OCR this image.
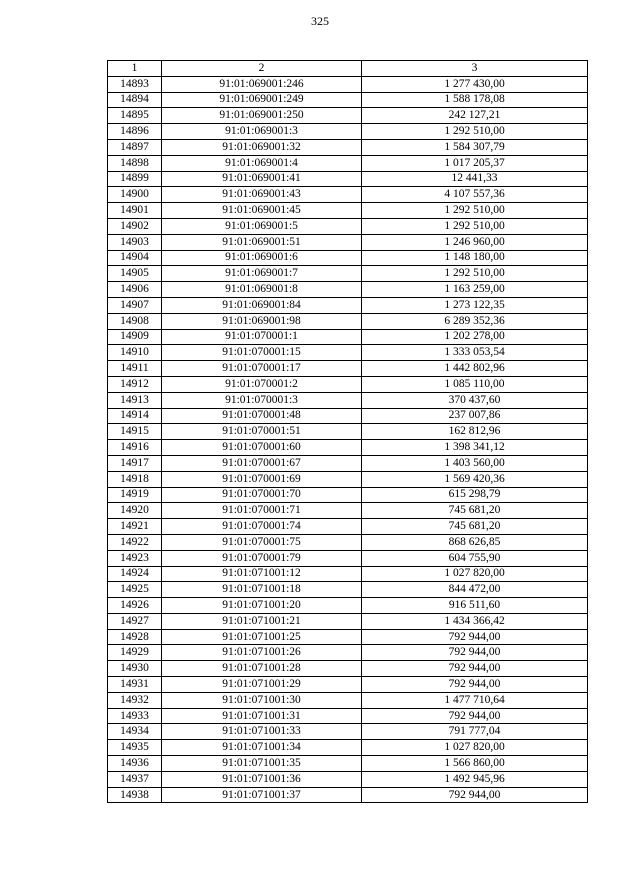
325
1	2	3
14893	91:01:069001:246	1 277 430,00
14894	91:01:069001:249	1 588 178,08
14895	91:01:069001:250	242 127,21
14896	91:01:069001:3	1 292 510,00
14897	91:01:069001:32	1 584 307,79
14898	91:01:069001:4	1 017 205,37
14899	91:01:069001:41	12 441,33
14900	91:01:069001:43	4 107 557,36
14901	91:01:069001:45	1 292 510,00
14902	91:01:069001:5	1 292 510,00
14903	91:01:069001:51	1 246 960,00
14904	91:01:069001:6	1 148 180,00
14905	91:01:069001:7	1 292 510,00
14906	91:01:069001:8	1 163 259,00
14907	91:01:069001:84	1 273 122,35
14908	91:01:069001:98	6 289 352,36
14909	91:01:070001:1	1 202 278,00
14910	91:01:070001:15	1 333 053,54
14911	91:01:070001:17	1 442 802,96
14912	91:01:070001:2	1 085 110,00
14913	91:01:070001:3	370 437,60
14914	91:01:070001:48	237 007,86
14915	91:01:070001:51	162 812,96
14916	91:01:070001:60	1 398 341,12
14917	91:01:070001:67	1 403 560,00
14918	91:01:070001:69	1 569 420,36
14919	91:01:070001:70	615 298,79
14920	91:01:070001:71	745 681,20
14921	91:01:070001:74	745 681,20
14922	91:01:070001:75	868 626,85
14923	91:01:070001:79	604 755,90
14924	91:01:071001:12	1 027 820,00
14925	91:01:071001:18	844 472,00
14926	91:01:071001:20	916 511,60
14927	91:01:071001:21	1 434 366,42
14928	91:01:071001:25	792 944,00
14929	91:01:071001:26	792 944,00
14930	91:01:071001:28	792 944,00
14931	91:01:071001:29	792 944,00
14932	91:01:071001:30	1 477 710,64
14933	91:01:071001:31	792 944,00
14934	91:01:071001:33	791 777,04
14935	91:01:071001:34	1 027 820,00
14936	91:01:071001:35	1 566 860,00
14937	91:01:071001:36	1 492 945,96
14938	91:01:071001:37	792 944,00
